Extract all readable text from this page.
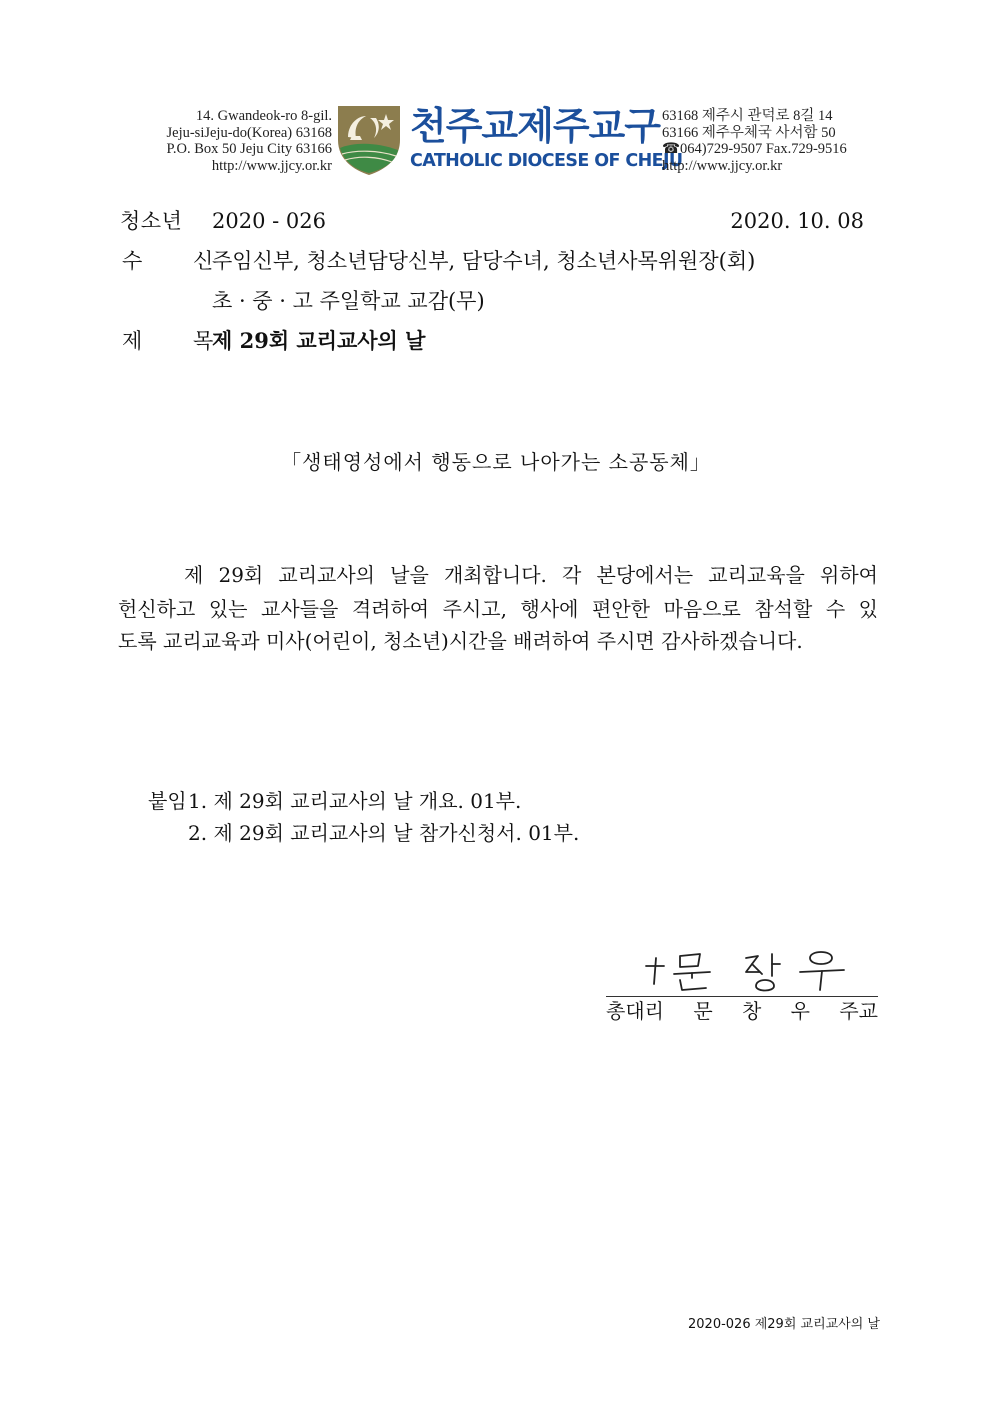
14. Gwandeok-ro 8-gil.
Jeju-siJeju-do(Korea) 63168
P.O. Box 50 Jeju City 63166
http://www.jjcy.or.kr
천주교제주교구
CATHOLIC DIOCESE OF CHEJU
63168 제주시 관덕로 8길 14
63166 제주우체국 사서함 50
☎064)729-9507 Fax.729-9516
http://www.jjcy.or.kr
청소년 2020 - 026	2020. 10. 08
수 신
주임신부, 청소년담당신부, 담당수녀, 청소년사목위원장(회)
초 · 중 · 고 주일학교 교감(무)
제 목
제 29회 교리교사의 날
「생태영성에서 행동으로 나아가는 소공동체」
제 29회 교리교사의 날을 개최합니다. 각 본당에서는 교리교육을 위하여
헌신하고 있는 교사들을 격려하여 주시고, 행사에 편안한 마음으로 참석할 수 있
도록 교리교육과 미사(어린이, 청소년)시간을 배려하여 주시면 감사하겠습니다.
붙임 1. 제 29회 교리교사의 날 개요. 01부.
2. 제 29회 교리교사의 날 참가신청서. 01부.
✝문 창 우
총대리 문 창 우 주교
2020-026 제29회 교리교사의 날
